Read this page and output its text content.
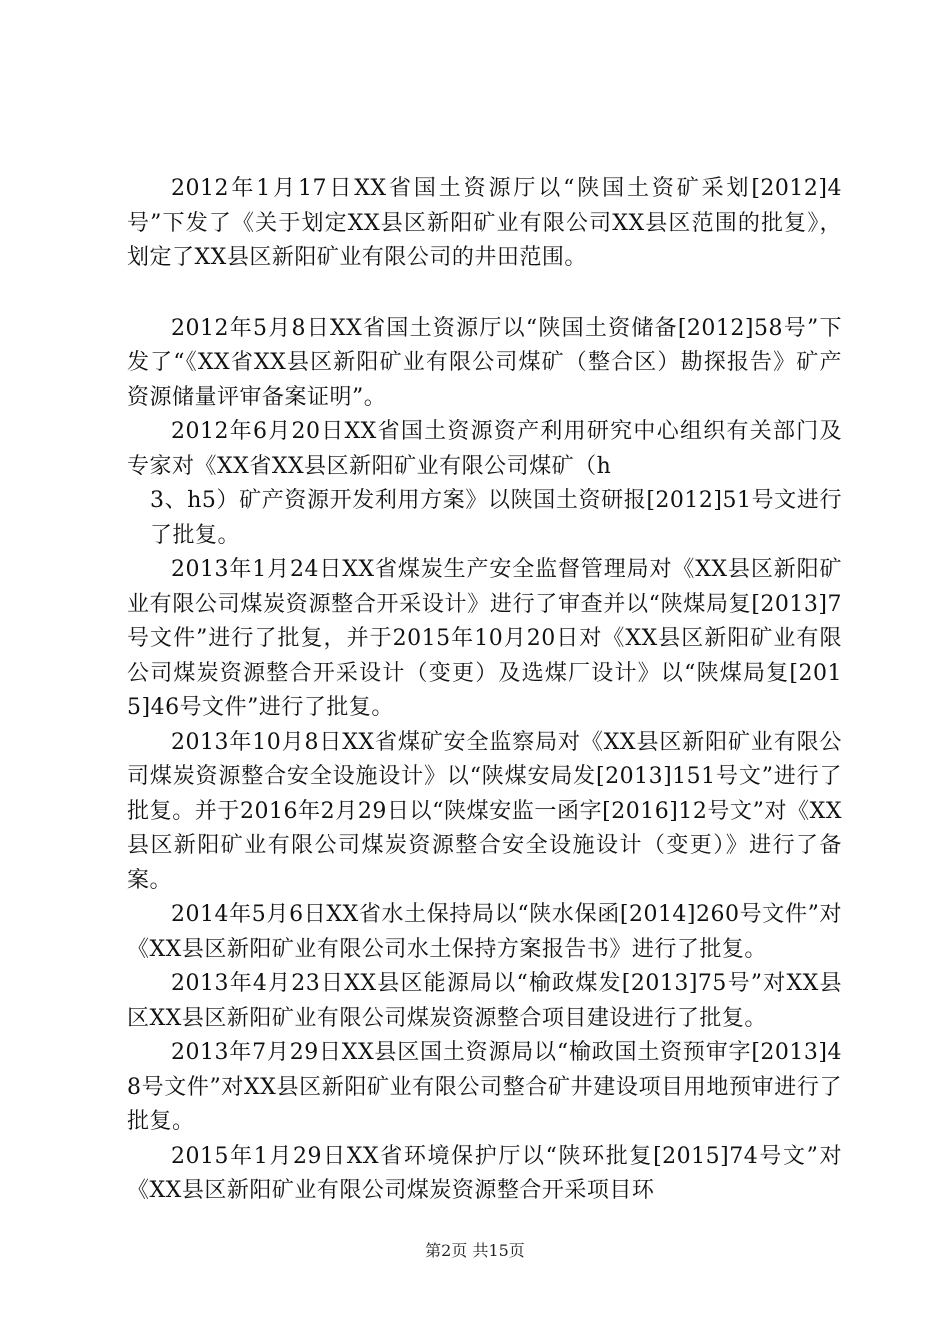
2012年1月17日XX省国土资源厅以“陕国土资矿采划[2012]4号”下发了《关于划定XX县区新阳矿业有限公司XX县区范围的批复》，划定了XX县区新阳矿业有限公司的井田范围。

2012年5月8日XX省国土资源厅以“陕国土资储备[2012]58号”下发了“《XX省XX县区新阳矿业有限公司煤矿（整合区）勘探报告》矿产资源储量评审备案证明”。

2012年6月20日XX省国土资源资产利用研究中心组织有关部门及专家对《XX省XX县区新阳矿业有限公司煤矿（h

3、h5）矿产资源开发利用方案》以陕国土资研报[2012]51号文进行了批复。

2013年1月24日XX省煤炭生产安全监督管理局对《XX县区新阳矿业有限公司煤炭资源整合开采设计》进行了审查并以“陕煤局复[2013]7号文件”进行了批复，并于2015年10月20日对《XX县区新阳矿业有限公司煤炭资源整合开采设计（变更）及选煤厂设计》以“陕煤局复[2015]46号文件”进行了批复。

2013年10月8日XX省煤矿安全监察局对《XX县区新阳矿业有限公司煤炭资源整合安全设施设计》以“陕煤安局发[2013]151号文”进行了批复。并于2016年2月29日以“陕煤安监一函字[2016]12号文”对《XX县区新阳矿业有限公司煤炭资源整合安全设施设计（变更）》进行了备案。

2014年5月6日XX省水土保持局以“陕水保函[2014]260号文件”对《XX县区新阳矿业有限公司水土保持方案报告书》进行了批复。

2013年4月23日XX县区能源局以“榆政煤发[2013]75号”对XX县区XX县区新阳矿业有限公司煤炭资源整合项目建设进行了批复。

2013年7月29日XX县区国土资源局以“榆政国土资预审字[2013]48号文件”对XX县区新阳矿业有限公司整合矿井建设项目用地预审进行了批复。

2015年1月29日XX省环境保护厅以“陕环批复[2015]74号文”对《XX县区新阳矿业有限公司煤炭资源整合开采项目环

第2页 共15页
